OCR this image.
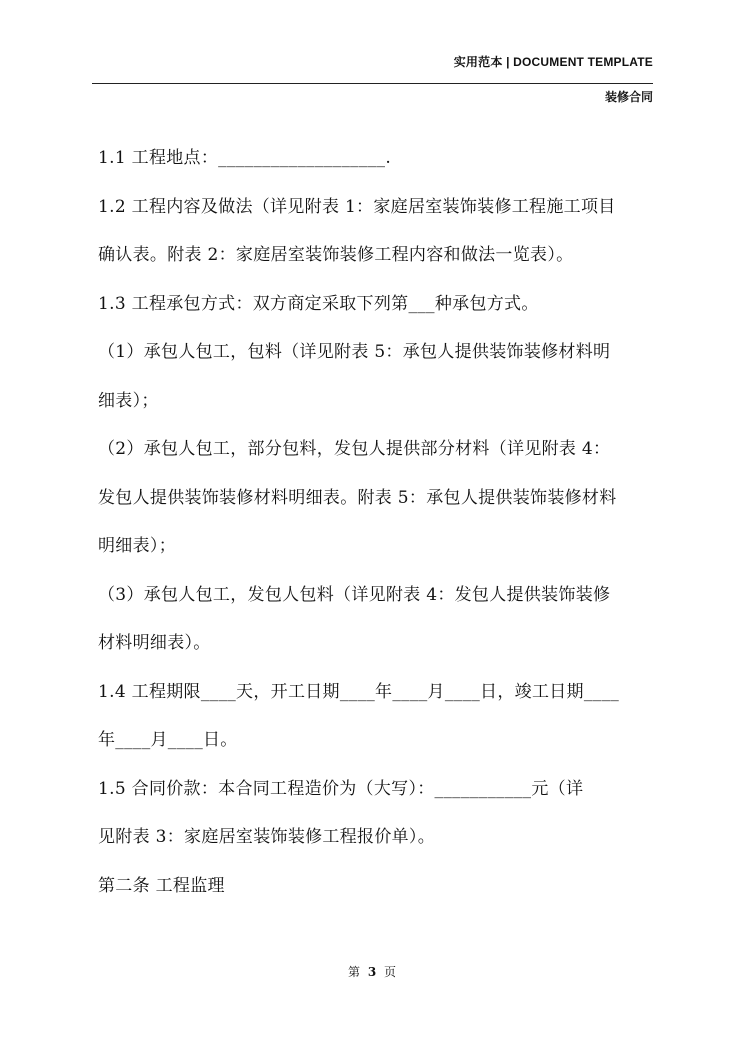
实用范本 | DOCUMENT TEMPLATE
装修合同
1.1 工程地点：___________________.
1.2 工程内容及做法（详见附表 1：家庭居室装饰装修工程施工项目
确认表。附表 2：家庭居室装饰装修工程内容和做法一览表）。
1.3 工程承包方式：双方商定采取下列第___种承包方式。
（1）承包人包工，包料（详见附表 5：承包人提供装饰装修材料明
细表）；
（2）承包人包工，部分包料，发包人提供部分材料（详见附表 4：
发包人提供装饰装修材料明细表。附表 5：承包人提供装饰装修材料
明细表）；
（3）承包人包工，发包人包料（详见附表 4：发包人提供装饰装修
材料明细表）。
1.4 工程期限____天，开工日期____年____月____日，竣工日期____
年____月____日。
1.5 合同价款：本合同工程造价为（大写）：___________元（详
见附表 3：家庭居室装饰装修工程报价单）。
第二条 工程监理
第 3 页
